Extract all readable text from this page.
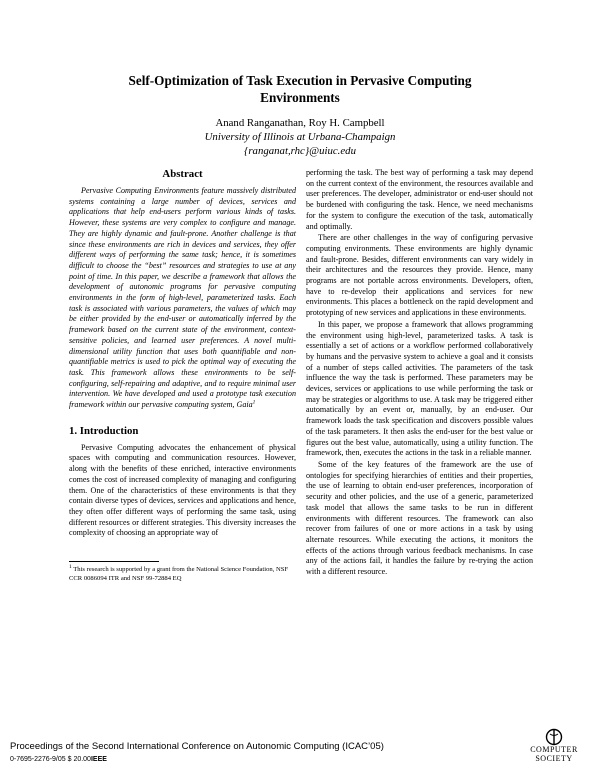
Self-Optimization of Task Execution in Pervasive Computing
Environments
Anand Ranganathan, Roy H. Campbell
University of Illinois at Urbana-Champaign
{ranganat,rhc}@uiuc.edu
Abstract

Pervasive Computing Environments feature massively distributed systems containing a large number of devices, services and applications that help end-users perform various kinds of tasks. However, these systems are very complex to configure and manage. They are highly dynamic and fault-prone. Another challenge is that since these environments are rich in devices and services, they offer different ways of performing the same task; hence, it is sometimes difficult to choose the “best” resources and strategies to use at any point of time. In this paper, we describe a framework that allows the development of autonomic programs for pervasive computing environments in the form of high-level, parameterized tasks. Each task is associated with various parameters, the values of which may be either provided by the end-user or automatically inferred by the framework based on the current state of the environment, context-sensitive policies, and learned user preferences. A novel multi-dimensional utility function that uses both quantifiable and non-quantifiable metrics is used to pick the optimal way of executing the task. This framework allows these environments to be self-configuring, self-repairing and adaptive, and to require minimal user intervention. We have developed and used a prototype task execution framework within our pervasive computing system, Gaia$^1$

1. Introduction

Pervasive Computing advocates the enhancement of physical spaces with computing and communication resources. However, along with the benefits of these enriched, interactive environments comes the cost of increased complexity of managing and configuring them. One of the characteristics of these environments is that they contain diverse types of devices, services and applications and hence, they often offer different ways of performing the same task, using different resources or different strategies. This diversity increases the complexity of choosing an appropriate way of

$^1$ This research is supported by a grant from the National Science Foundation, NSF CCR 0086094 ITR and NSF 99-72884 EQ

performing the task. The best way of performing a task may depend on the current context of the environment, the resources available and user preferences. The developer, administrator or end-user should not be burdened with configuring the task. Hence, we need mechanisms for the system to configure the execution of the task, automatically and optimally.

There are other challenges in the way of configuring pervasive computing environments. These environments are highly dynamic and fault-prone. Besides, different environments can vary widely in their architectures and the resources they provide. Hence, many programs are not portable across environments. Developers, often, have to re-develop their applications and services for new environments. This places a bottleneck on the rapid development and prototyping of new services and applications in these environments.

In this paper, we propose a framework that allows programming the environment using high-level, parameterized tasks. A task is essentially a set of actions or a workflow performed collaboratively by humans and the pervasive system to achieve a goal and it consists of a number of steps called activities. The parameters of the task influence the way the task is performed. These parameters may be devices, services or applications to use while performing the task or may be strategies or algorithms to use. A task may be triggered either automatically by an event or, manually, by an end-user. Our framework loads the task specification and discovers possible values of the task parameters. It then asks the end-user for the best value or figures out the best value, automatically, using a utility function. The framework, then, executes the actions in the task in a reliable manner.

Some of the key features of the framework are the use of ontologies for specifying hierarchies of entities and their properties, the use of learning to obtain end-user preferences, incorporation of security and other policies, and the use of a generic, parameterized task model that allows the same tasks to be run in different environments with different resources. The framework can also recover from failures of one or more actions in a task by using alternate resources. While executing the actions, it monitors the effects of the actions through various feedback mechanisms. In case any of the actions fail, it handles the failure by re-trying the action with a different resource.

Proceedings of the Second International Conference on Autonomic Computing (ICAC’05)
0-7695-2276-9/05 $ 20.00IEEE
COMPUTER
SOCIETY
